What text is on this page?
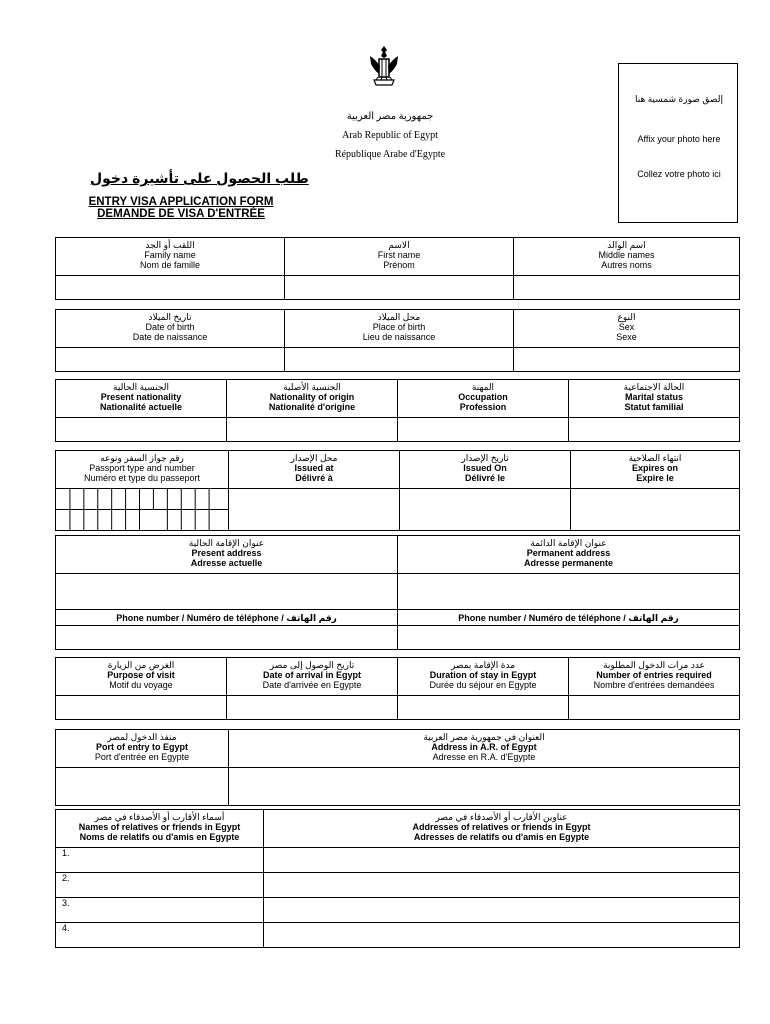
جمهورية مصر العربية
Arab Republic of Egypt
République Arabe d'Egypte
طلب الحصول على تأشيرة دخول
ENTRY VISA APPLICATION FORM
DEMANDE DE VISA D'ENTRÉE
إلصق صورة شمسية هنا
Affix your photo here
Collez votre photo ici
اللقب أو الجد
Family name
Nom de famille	الاسم
First name
Prénom	اسم الوالد
Middle names
Autres noms

تاريخ الميلاد
Date of birth
Date de naissance	محل الميلاد
Place of birth
Lieu de naissance	النوع
Sex
Sexe

الجنسية الحالية
Present nationality
Nationalité actuelle	الجنسية الأصلية
Nationality of origin
Nationalité d'origine	المهنة
Occupation
Profession	الحالة الاجتماعية
Marital status
Statut familial

رقم جواز السفر ونوعه
Passport type and number
Numéro et type du passeport	محل الإصدار
Issued at
Délivré à	تاريخ الإصدار
Issued On
Délivré le	انتهاء الصلاحية
Expires on
Expire le

عنوان الإقامة الحالية
Present address
Adresse actuelle	عنوان الإقامة الدائمة
Permanent address
Adresse permanente

Phone number / Numéro de téléphone / رقم الهاتف	Phone number / Numéro de téléphone / رقم الهاتف

الغرض من الزيارة
Purpose of visit
Motif du voyage	تاريخ الوصول إلى مصر
Date of arrival in Egypt
Date d'arrivée en Egypte	مدة الإقامة بمصر
Duration of stay in Egypt
Durée du séjour en Egypte	عدد مرات الدخول المطلوبة
Number of entries required
Nombre d'entrées demandées

منفذ الدخول لمصر
Port of entry to Egypt
Port d'entrée en Egypte	العنوان في جمهورية مصر العربية
Address in A.R. of Egypt
Adresse en R.A. d'Egypte

أسماء الأقارب أو الأصدقاء في مصر
Names of relatives or friends in Egypt
Noms de relatifs ou d'amis en Egypte	عناوين الأقارب أو الأصدقاء في مصر
Addresses of relatives or friends in Egypt
Adresses de relatifs ou d'amis en Egypte

1.	
2.	
3.	
4.	
